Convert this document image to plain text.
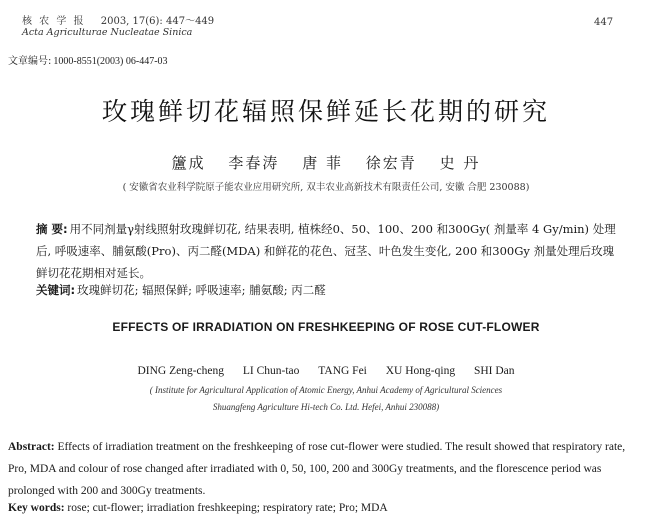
核 农 学 报 2003, 17(6): 447～449
Acta Agriculturae Nucleatae Sinica
447
文章编号: 1000-8551(2003) 06-447-03
玫瑰鲜切花辐照保鲜延长花期的研究
籚成 李春涛 唐 菲 徐宏青 史 丹
( 安徽省农业科学院原子能农业应用研究所, 双丰农业高新技术有限责任公司, 安徽 合肥 230088)
摘 要: 用不同剂量γ射线照射玫瑰鲜切花, 结果表明, 植株经0、50、100、200 和300Gy( 剂量率 4 Gy/min) 处理后, 呼吸速率、脯氨酸(Pro)、丙二醛(MDA) 和鲜花的花色、冠茎、叶色发生变化, 200 和300Gy 剂量处理后玫瑰鲜切花花期相对延长。
关键词: 玫瑰鲜切花; 辐照保鲜; 呼吸速率; 脯氨酸; 丙二醛
EFFECTS OF IRRADIATION ON FRESHKEEPING OF ROSE CUT-FLOWER
DING Zeng-cheng LI Chun-tao TANG Fei XU Hong-qing SHI Dan
( Institute for Agricultural Application of Atomic Energy, Anhui Academy of Agricultural Sciences
Shuangfeng Agriculture Hi-tech Co. Ltd. Hefei, Anhui 230088)
Abstract: Effects of irradiation treatment on the freshkeeping of rose cut-flower were studied. The result showed that respiratory rate, Pro, MDA and colour of rose changed after irradiated with 0, 50, 100, 200 and 300Gy treatments, and the florescence period was prolonged with 200 and 300Gy treatments.
Key words: rose; cut-flower; irradiation freshkeeping; respiratory rate; Pro; MDA
